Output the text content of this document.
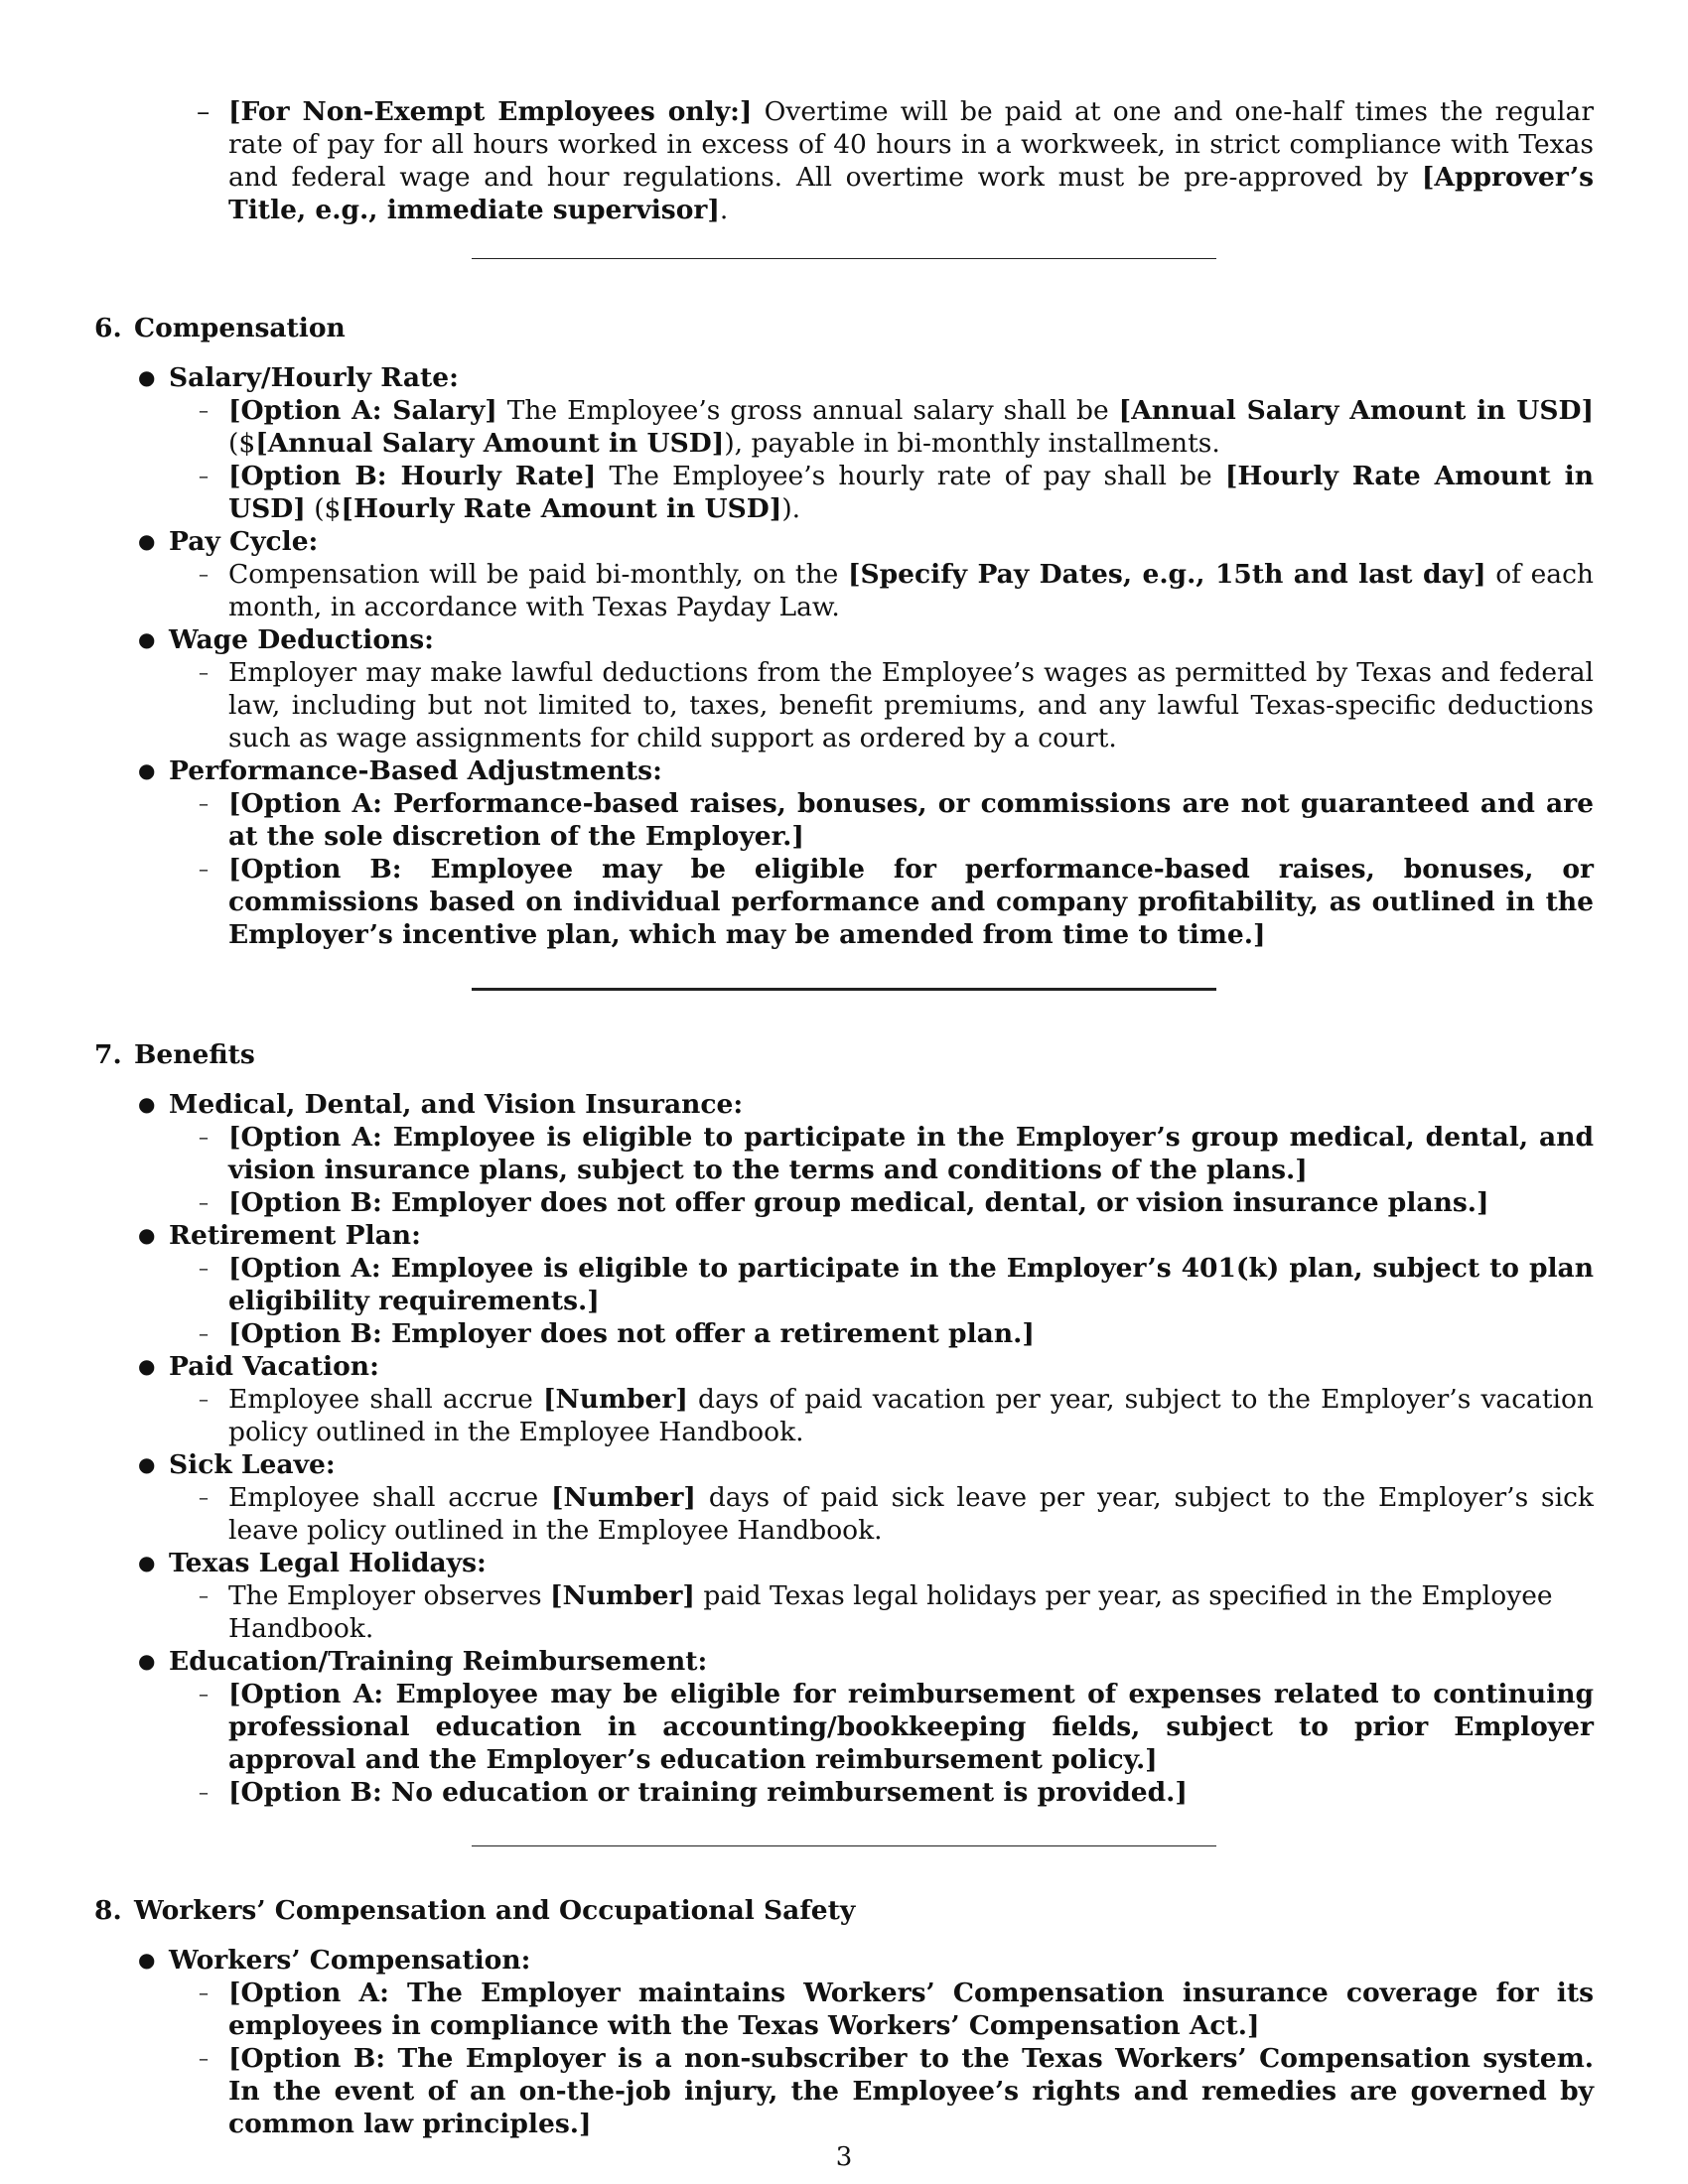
– [For Non-Exempt Employees only:] Overtime will be paid at one and one-half times the regular rate of pay for all hours worked in excess of 40 hours in a workweek, in strict compliance with Texas and federal wage and hour regulations. All overtime work must be pre-approved by [Approver’s Title, e.g., immediate supervisor].

6. Compensation

● Salary/Hourly Rate:
– [Option A: Salary] The Employee’s gross annual salary shall be [Annual Salary Amount in USD] ($[Annual Salary Amount in USD]), payable in bi-monthly installments.
– [Option B: Hourly Rate] The Employee’s hourly rate of pay shall be [Hourly Rate Amount in USD] ($[Hourly Rate Amount in USD]).
● Pay Cycle:
– Compensation will be paid bi-monthly, on the [Specify Pay Dates, e.g., 15th and last day] of each month, in accordance with Texas Payday Law.
● Wage Deductions:
– Employer may make lawful deductions from the Employee’s wages as permitted by Texas and federal law, including but not limited to, taxes, benefit premiums, and any lawful Texas-specific deductions such as wage assignments for child support as ordered by a court.
● Performance-Based Adjustments:
– [Option A: Performance-based raises, bonuses, or commissions are not guaranteed and are at the sole discretion of the Employer.]
– [Option B: Employee may be eligible for performance-based raises, bonuses, or commissions based on individual performance and company profitability, as outlined in the Employer’s incentive plan, which may be amended from time to time.]

7. Benefits

● Medical, Dental, and Vision Insurance:
– [Option A: Employee is eligible to participate in the Employer’s group medical, dental, and vision insurance plans, subject to the terms and conditions of the plans.]
– [Option B: Employer does not offer group medical, dental, or vision insurance plans.]
● Retirement Plan:
– [Option A: Employee is eligible to participate in the Employer’s 401(k) plan, subject to plan eligibility requirements.]
– [Option B: Employer does not offer a retirement plan.]
● Paid Vacation:
– Employee shall accrue [Number] days of paid vacation per year, subject to the Employer’s vacation policy outlined in the Employee Handbook.
● Sick Leave:
– Employee shall accrue [Number] days of paid sick leave per year, subject to the Employer’s sick leave policy outlined in the Employee Handbook.
● Texas Legal Holidays:
– The Employer observes [Number] paid Texas legal holidays per year, as specified in the Employee Handbook.
● Education/Training Reimbursement:
– [Option A: Employee may be eligible for reimbursement of expenses related to continuing professional education in accounting/bookkeeping fields, subject to prior Employer approval and the Employer’s education reimbursement policy.]
– [Option B: No education or training reimbursement is provided.]

8. Workers’ Compensation and Occupational Safety

● Workers’ Compensation:
– [Option A: The Employer maintains Workers’ Compensation insurance coverage for its employees in compliance with the Texas Workers’ Compensation Act.]
– [Option B: The Employer is a non-subscriber to the Texas Workers’ Compensation system. In the event of an on-the-job injury, the Employee’s rights and remedies are governed by common law principles.]
3
